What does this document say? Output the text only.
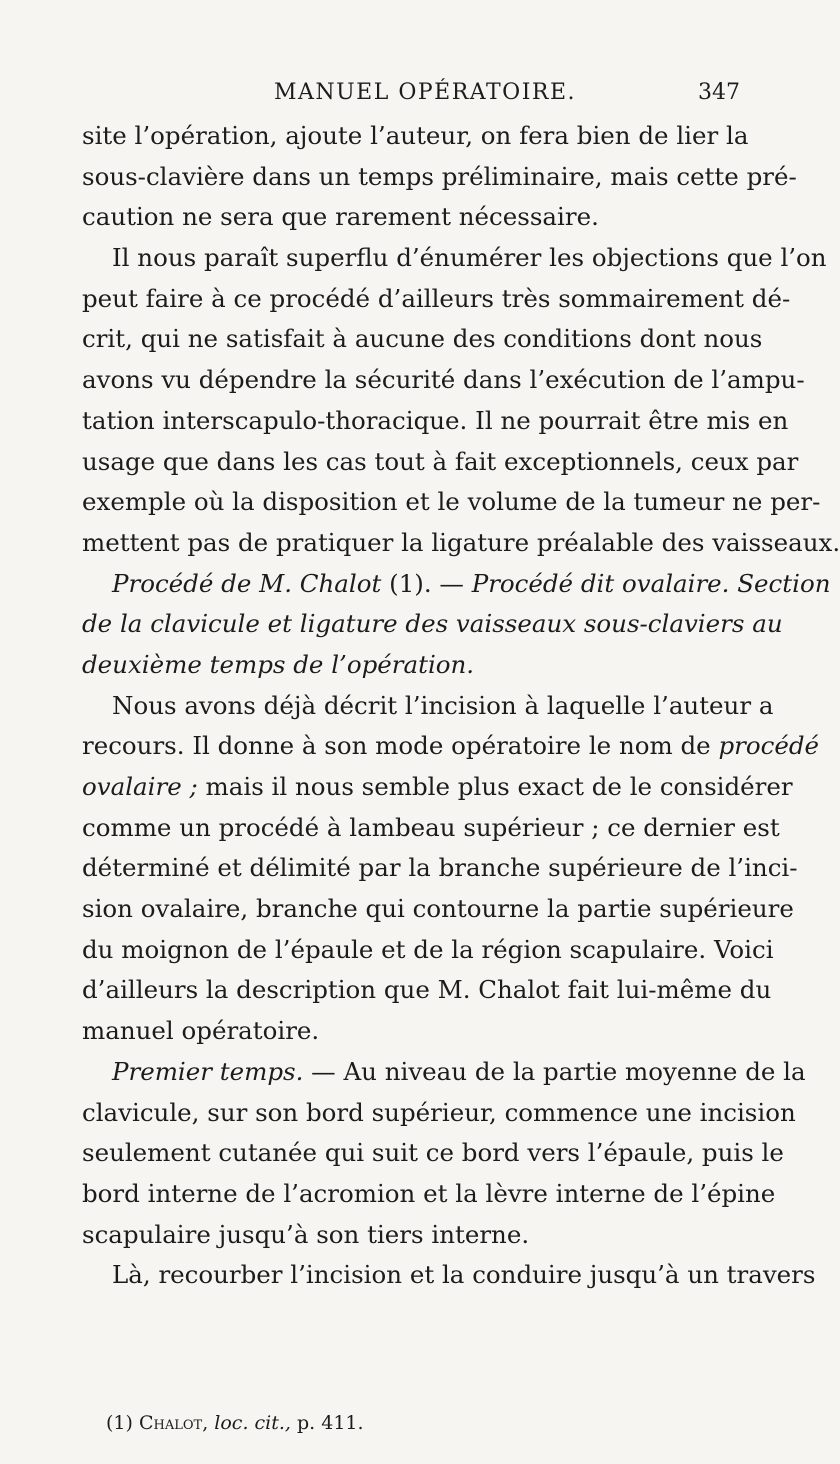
MANUEL OPÉRATOIRE.	347
site l’opération, ajoute l’auteur, on fera bien de lier la
sous-clavière dans un temps préliminaire, mais cette pré-
caution ne sera que rarement nécessaire.
Il nous paraît superflu d’énumérer les objections que l’on
peut faire à ce procédé d’ailleurs très sommairement dé-
crit, qui ne satisfait à aucune des conditions dont nous
avons vu dépendre la sécurité dans l’exécution de l’ampu-
tation interscapulo-thoracique. Il ne pourrait être mis en
usage que dans les cas tout à fait exceptionnels, ceux par
exemple où la disposition et le volume de la tumeur ne per-
mettent pas de pratiquer la ligature préalable des vaisseaux.
Procédé de M. Chalot (1). — Procédé dit ovalaire. Section
de la clavicule et ligature des vaisseaux sous-claviers au
deuxième temps de l’opération.
Nous avons déjà décrit l’incision à laquelle l’auteur a
recours. Il donne à son mode opératoire le nom de procédé
ovalaire ; mais il nous semble plus exact de le considérer
comme un procédé à lambeau supérieur ; ce dernier est
déterminé et délimité par la branche supérieure de l’inci-
sion ovalaire, branche qui contourne la partie supérieure
du moignon de l’épaule et de la région scapulaire. Voici
d’ailleurs la description que M. Chalot fait lui-même du
manuel opératoire.
Premier temps. — Au niveau de la partie moyenne de la
clavicule, sur son bord supérieur, commence une incision
seulement cutanée qui suit ce bord vers l’épaule, puis le
bord interne de l’acromion et la lèvre interne de l’épine
scapulaire jusqu’à son tiers interne.
Là, recourber l’incision et la conduire jusqu’à un travers
(1) Chalot, loc. cit., p. 411.
